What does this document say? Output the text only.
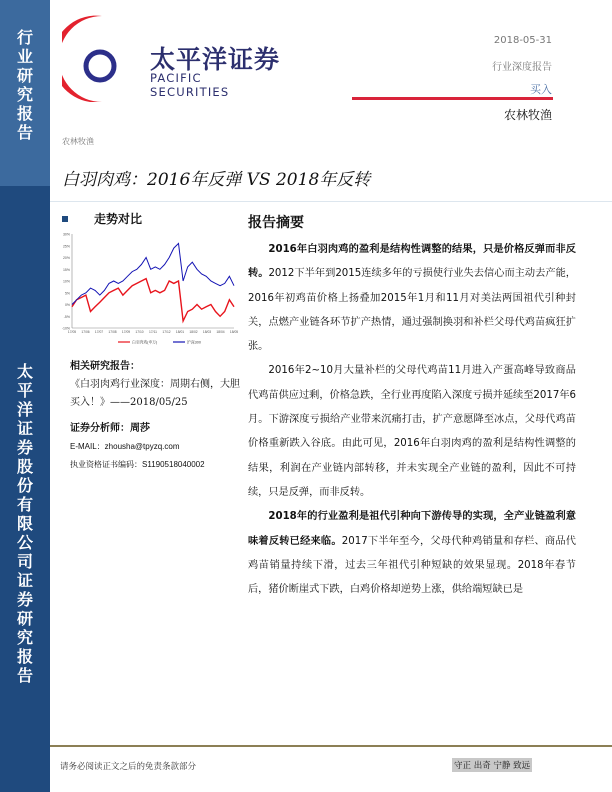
行
业
研
究
报
告
太
平
洋
证
券
股
份
有
限
公
司
证
券
研
究
报
告
太平洋证券
PACIFIC SECURITIES
2018-05-31
行业深度报告
买入
农林牧渔
农林牧渔
白羽肉鸡：2016年反弹 VS 2018年反转
走势对比
30%
25%
20%
15%
10%
5%
0%
-5%
-10%
17/05 17/06 17/07 17/08 17/09 17/10 17/11 17/12 18/01 18/02 18/03 18/04 18/05
白羽肉鸡(申万)	沪深300
相关研究报告：
《白羽肉鸡行业深度：周期右侧，大胆买入！》——2018/05/25
证券分析师：周莎
E-MAIL：zhousha@tpyzq.com
执业资格证书编码：S1190518040002
报告摘要

2016年白羽肉鸡的盈利是结构性调整的结果，只是价格反弹而非反转。2012下半年到2015连续多年的亏损使行业失去信心而主动去产能，2016年初鸡苗价格上扬叠加2015年1月和11月对美法两国祖代引种封关，点燃产业链各环节扩产热情，通过强制换羽和补栏父母代鸡苗疯狂扩张。

2016年2~10月大量补栏的父母代鸡苗11月进入产蛋高峰导致商品代鸡苗供应过剩，价格急跌，全行业再度陷入深度亏损并延续至2017年6月。下游深度亏损给产业带来沉痛打击，扩产意愿降至冰点，父母代鸡苗价格重新跌入谷底。由此可见，2016年白羽肉鸡的盈利是结构性调整的结果，利润在产业链内部转移，并未实现全产业链的盈利，因此不可持续，只是反弹，而非反转。

2018年的行业盈利是祖代引种向下游传导的实现，全产业链盈利意味着反转已经来临。2017下半年至今，父母代种鸡销量和存栏、商品代鸡苗销量持续下滑，过去三年祖代引种短缺的效果显现。2018年春节后，猪价断崖式下跌，白鸡价格却逆势上涨，供给端短缺已是

请务必阅读正文之后的免责条款部分	守正 出奇 宁静 致远
